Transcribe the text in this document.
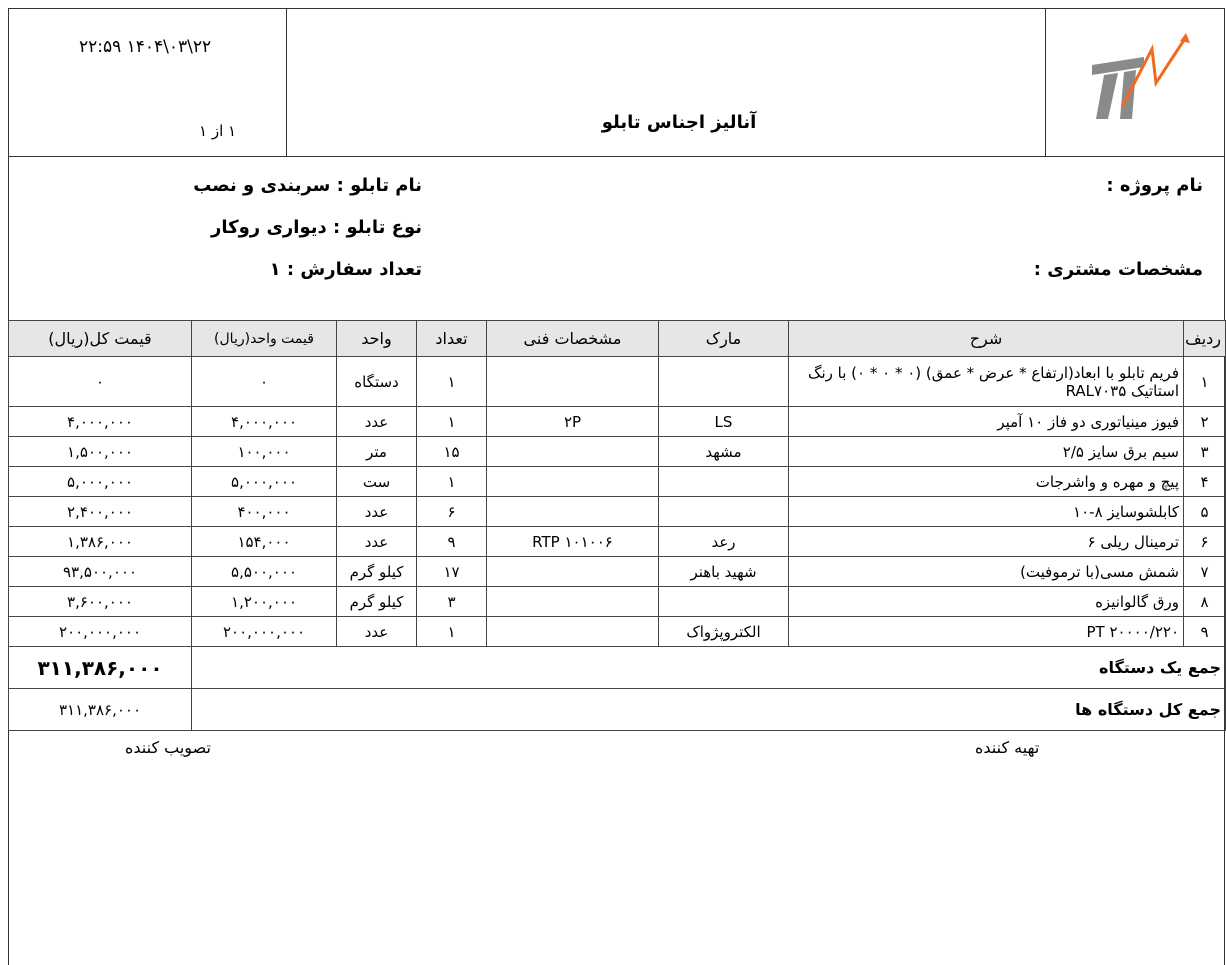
۲۲:۵۹ ۱۴۰۴\۰۳\۲۲
۱ از ۱	آنالیز اجناس تابلو
نام پروژه :
مشخصات مشتری :
نام تابلو : سربندی و نصب
نوع تابلو : دیواری روکار
تعداد سفارش : ۱
ردیف	شرح	مارک	مشخصات فنی	تعداد	واحد	قیمت واحد(ریال)	قیمت کل(ریال)
۱	فریم تابلو با ابعاد(ارتفاع * عرض * عمق) (۰ * ۰ * ۰) با رنگ استاتیک RAL۷۰۳۵			۱	دستگاه	۰	۰
۲	فیوز مینیاتوری دو فاز ۱۰ آمپر	LS	۲P	۱	عدد	۴,۰۰۰,۰۰۰	۴,۰۰۰,۰۰۰
۳	سیم برق سایز ۲/۵	مشهد		۱۵	متر	۱۰۰,۰۰۰	۱,۵۰۰,۰۰۰
۴	پیچ و مهره و واشرجات			۱	ست	۵,۰۰۰,۰۰۰	۵,۰۰۰,۰۰۰
۵	کابلشوسایز ۸-۱۰			۶	عدد	۴۰۰,۰۰۰	۲,۴۰۰,۰۰۰
۶	ترمینال ریلی ۶	رعد	RTP ۱۰۱۰۰۶	۹	عدد	۱۵۴,۰۰۰	۱,۳۸۶,۰۰۰
۷	شمش مسی(با ترموفیت)	شهید باهنر		۱۷	کیلو گرم	۵,۵۰۰,۰۰۰	۹۳,۵۰۰,۰۰۰
۸	ورق گالوانیزه			۳	کیلو گرم	۱,۲۰۰,۰۰۰	۳,۶۰۰,۰۰۰
۹	PT ۲۰۰۰۰/۲۲۰	الکتروپژواک		۱	عدد	۲۰۰,۰۰۰,۰۰۰	۲۰۰,۰۰۰,۰۰۰
جمع یک دستگاه							۳۱۱,۳۸۶,۰۰۰
جمع کل دستگاه ها							۳۱۱,۳۸۶,۰۰۰
تصویب کننده	تهیه کننده
